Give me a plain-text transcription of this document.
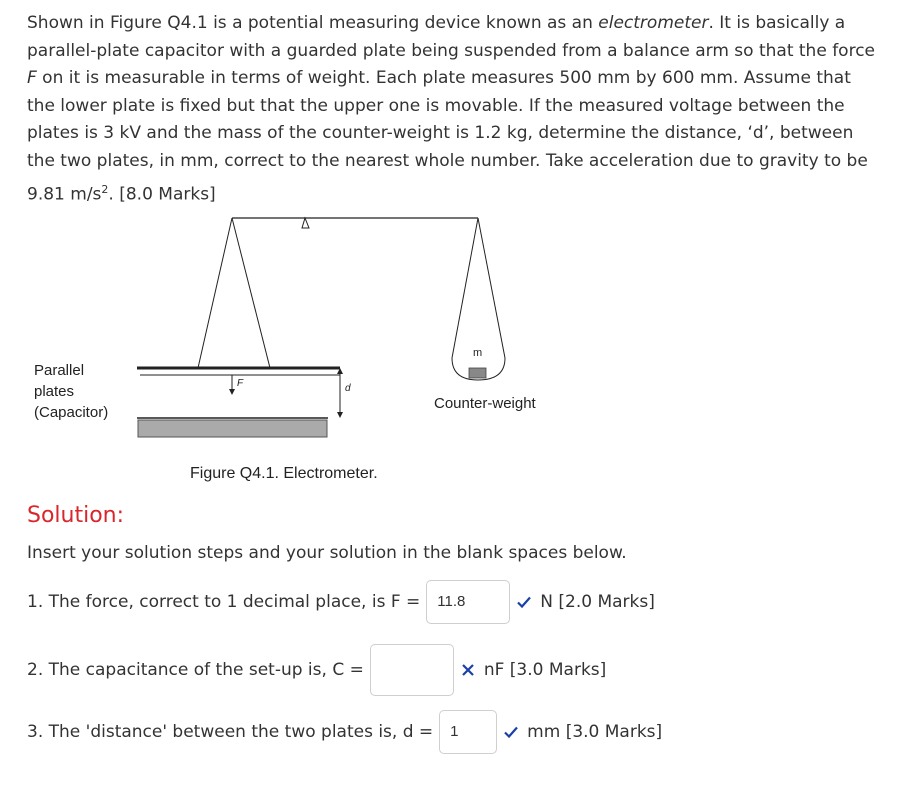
Shown in Figure Q4.1 is a potential measuring device known as an electrometer. It is basically a parallel-plate capacitor with a guarded plate being suspended from a balance arm so that the force F on it is measurable in terms of weight. Each plate measures 500 mm by 600 mm. Assume that the lower plate is fixed but that the upper one is movable. If the measured voltage between the plates is 3 kV and the mass of the counter-weight is 1.2 kg, determine the distance, ‘d’, between the two plates, in mm, correct to the nearest whole number. Take acceleration due to gravity to be 9.81 $m/s^2$. [8.0 Marks]

Parallel
plates
(Capacitor)
F	d
m
Counter-weight
Figure Q4.1. Electrometer.
Solution:

Insert your solution steps and your solution in the blank spaces below.

1. The force, correct to 1 decimal place, is F =	11.8	N [2.0 Marks]
2. The capacitance of the set-up is, C =	nF [3.0 Marks]
3. The 'distance' between the two plates is, d =	1	mm [3.0 Marks]
